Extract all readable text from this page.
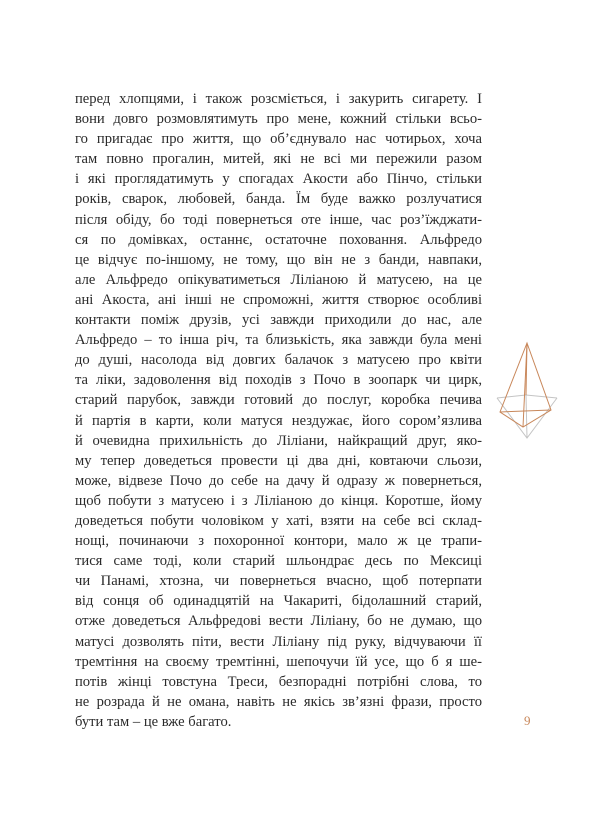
перед хлопцями, і також розсміється, і закурить сигарету. І
вони довго розмовлятимуть про мене, кожний стільки всьо-
го пригадає про життя, що об’єднувало нас чотирьох, хоча
там повно прогалин, митей, які не всі ми пережили разом
і які проглядатимуть у спогадах Акости або Пінчо, стільки
років, сварок, любовей, банда. Їм буде важко розлучатися
після обіду, бо тоді повернеться оте інше, час роз’їжджати-
ся по домівках, останнє, остаточне поховання. Альфредо
це відчує по-іншому, не тому, що він не з банди, навпаки,
але Альфредо опікуватиметься Ліліаною й матусею, на це
ані Акоста, ані інші не спроможні, життя створює особливі
контакти поміж друзів, усі завжди приходили до нас, але
Альфредо – то інша річ, та близькість, яка завжди була мені
до душі, насолода від довгих балачок з матусею про квіти
та ліки, задоволення від походів з Почо в зоопарк чи цирк,
старий парубок, завжди готовий до послуг, коробка печива
й партія в карти, коли матуся нездужає, його сором’язлива
й очевидна прихильність до Ліліани, найкращий друг, яко-
му тепер доведеться провести ці два дні, ковтаючи сльози,
може, відвезе Почо до себе на дачу й одразу ж повернеться,
щоб побути з матусею і з Ліліаною до кінця. Коротше, йому
доведеться побути чоловіком у хаті, взяти на себе всі склад-
нощі, починаючи з похоронної контори, мало ж це трапи-
тися саме тоді, коли старий шльондрає десь по Мексиці
чи Панамі, хтозна, чи повернеться вчасно, щоб потерпати
від сонця об одинадцятій на Чакариті, бідолашний старий,
отже доведеться Альфредові вести Ліліану, бо не думаю, що
матусі дозволять піти, вести Ліліану під руку, відчуваючи її
тремтіння на своєму тремтінні, шепочучи їй усе, що б я ше-
потів жінці товстуна Треси, безпорадні потрібні слова, то
не розрада й не омана, навіть не якісь зв’язні фрази, просто
бути там – це вже багато.	9
